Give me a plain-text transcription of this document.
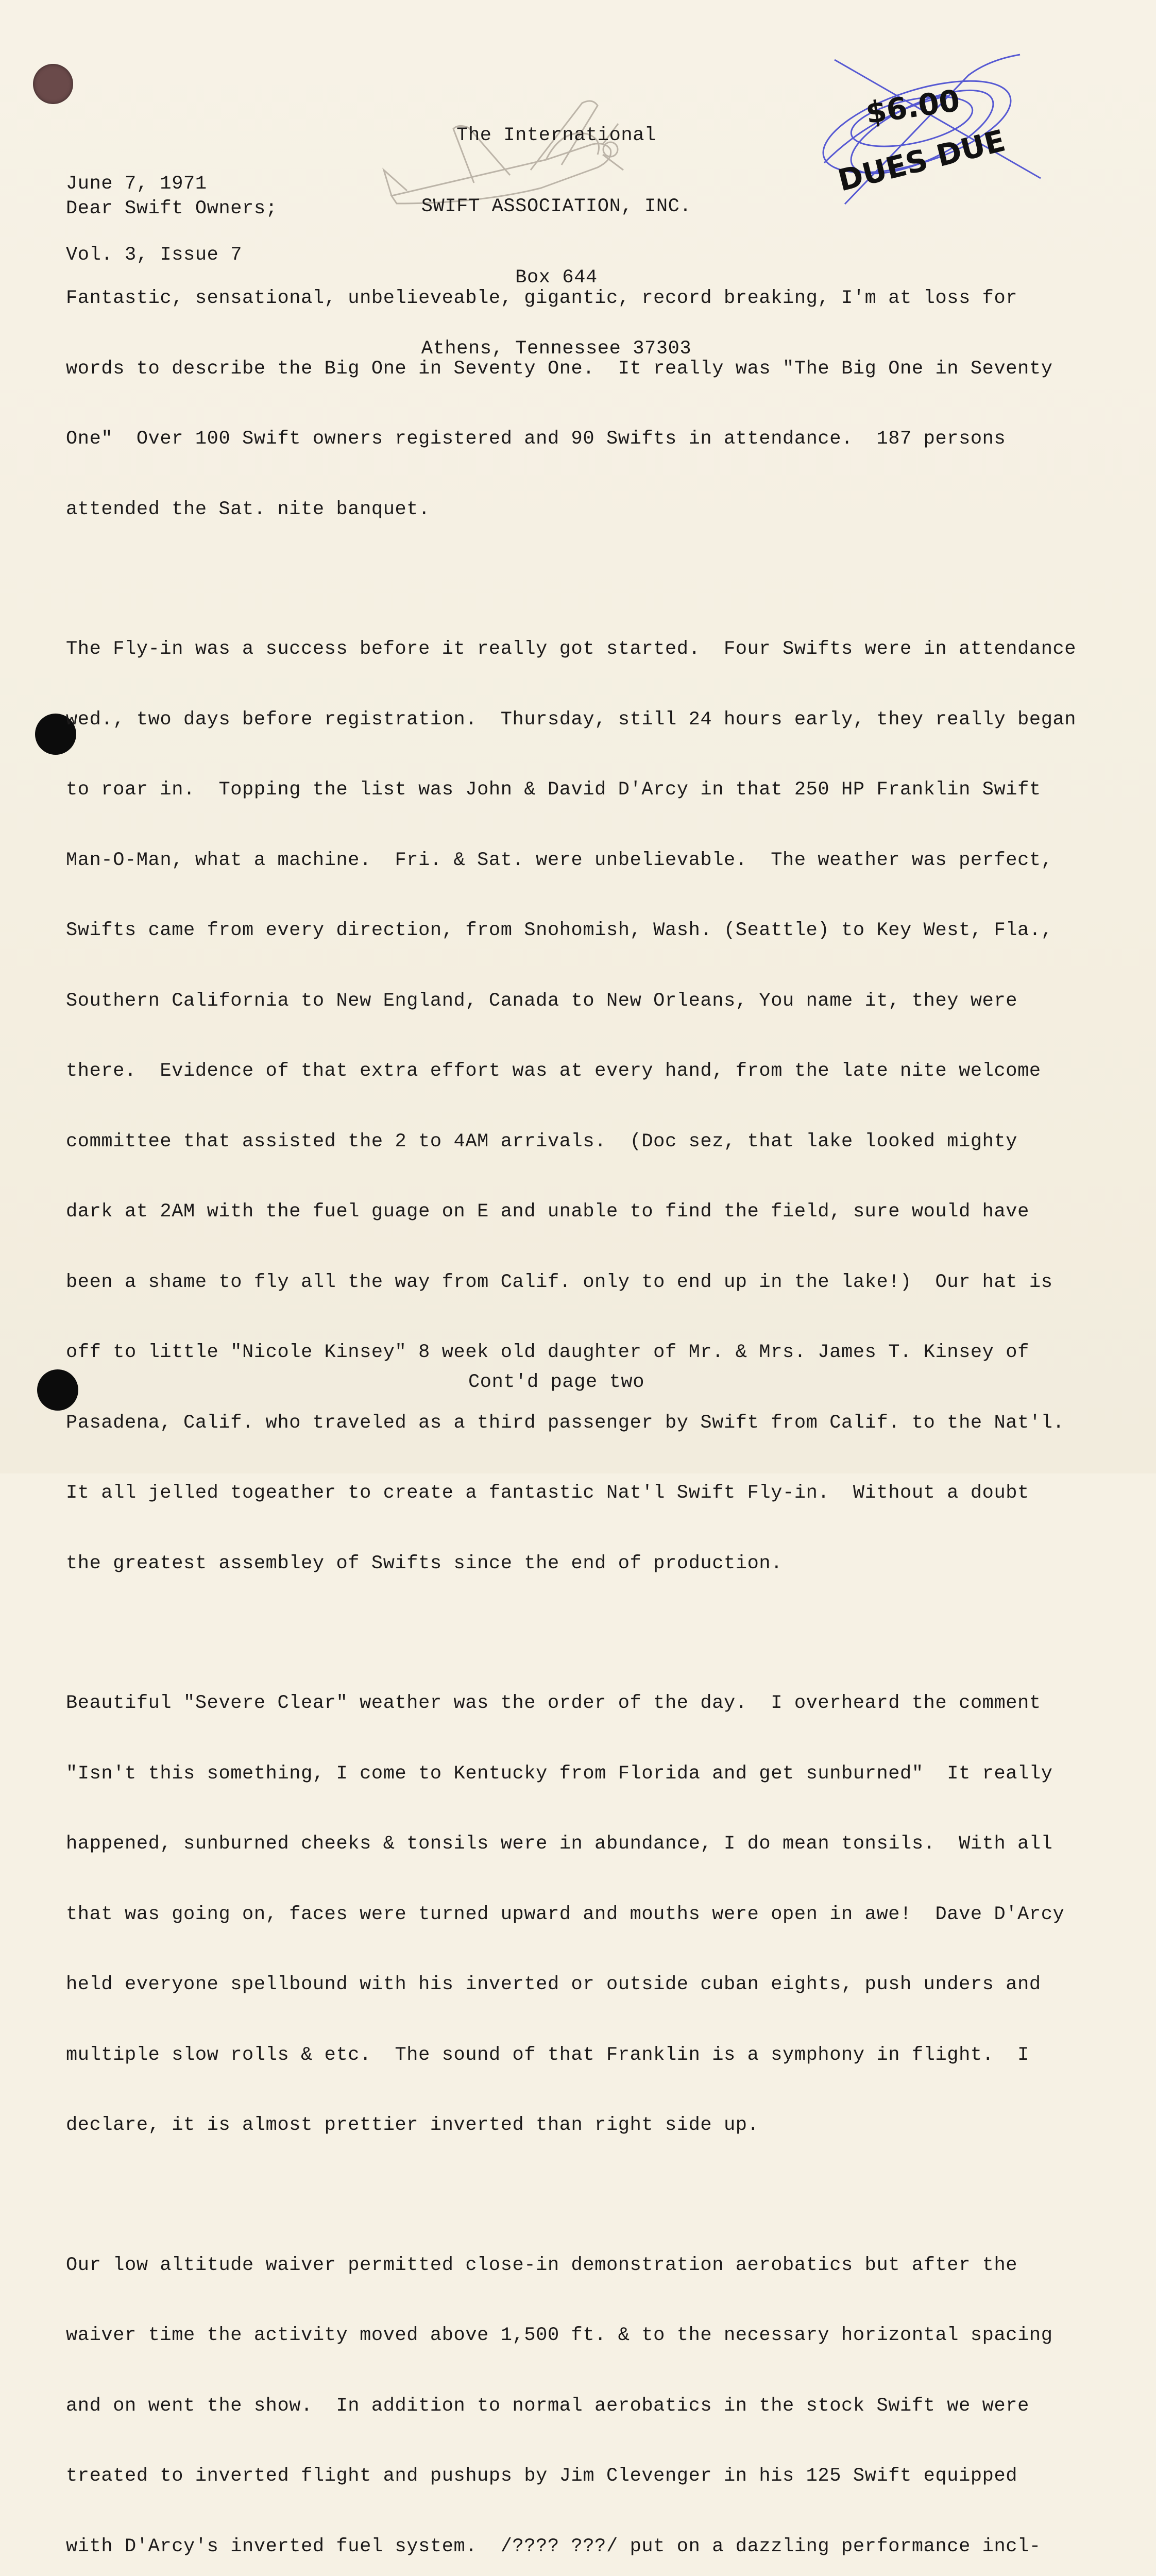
The International

SWIFT ASSOCIATION, INC.

Box 644

Athens, Tennessee 37303

June 7, 1971

Vol. 3, Issue 7

$6.00
DUES DUE
Dear Swift Owners;

Fantastic, sensational, unbelieveable, gigantic, record breaking, I'm at loss for

words to describe the Big One in Seventy One.  It really was "The Big One in Seventy

One"  Over 100 Swift owners registered and 90 Swifts in attendance.  187 persons

attended the Sat. nite banquet.

The Fly-in was a success before it really got started.  Four Swifts were in attendance

wed., two days before registration.  Thursday, still 24 hours early, they really began

to roar in.  Topping the list was John & David D'Arcy in that 250 HP Franklin Swift

Man-O-Man, what a machine.  Fri. & Sat. were unbelievable.  The weather was perfect,

Swifts came from every direction, from Snohomish, Wash. (Seattle) to Key West, Fla.,

Southern California to New England, Canada to New Orleans, You name it, they were

there.  Evidence of that extra effort was at every hand, from the late nite welcome

committee that assisted the 2 to 4AM arrivals.  (Doc sez, that lake looked mighty

dark at 2AM with the fuel guage on E and unable to find the field, sure would have

been a shame to fly all the way from Calif. only to end up in the lake!)  Our hat is

off to little "Nicole Kinsey" 8 week old daughter of Mr. & Mrs. James T. Kinsey of

Pasadena, Calif. who traveled as a third passenger by Swift from Calif. to the Nat'l.

It all jelled togeather to create a fantastic Nat'l Swift Fly-in.  Without a doubt

the greatest assembley of Swifts since the end of production.

Beautiful "Severe Clear" weather was the order of the day.  I overheard the comment

"Isn't this something, I come to Kentucky from Florida and get sunburned"  It really

happened, sunburned cheeks & tonsils were in abundance, I do mean tonsils.  With all

that was going on, faces were turned upward and mouths were open in awe!  Dave D'Arcy

held everyone spellbound with his inverted or outside cuban eights, push unders and

multiple slow rolls & etc.  The sound of that Franklin is a symphony in flight.  I

declare, it is almost prettier inverted than right side up.

Our low altitude waiver permitted close-in demonstration aerobatics but after the

waiver time the activity moved above 1,500 ft. & to the necessary horizontal spacing

and on went the show.  In addition to normal aerobatics in the stock Swift we were

treated to inverted flight and pushups by Jim Clevenger in his 125 Swift equipped

with D'Arcy's inverted fuel system.  /???? ???/ put on a dazzling performance incl-

Cont'd page two
